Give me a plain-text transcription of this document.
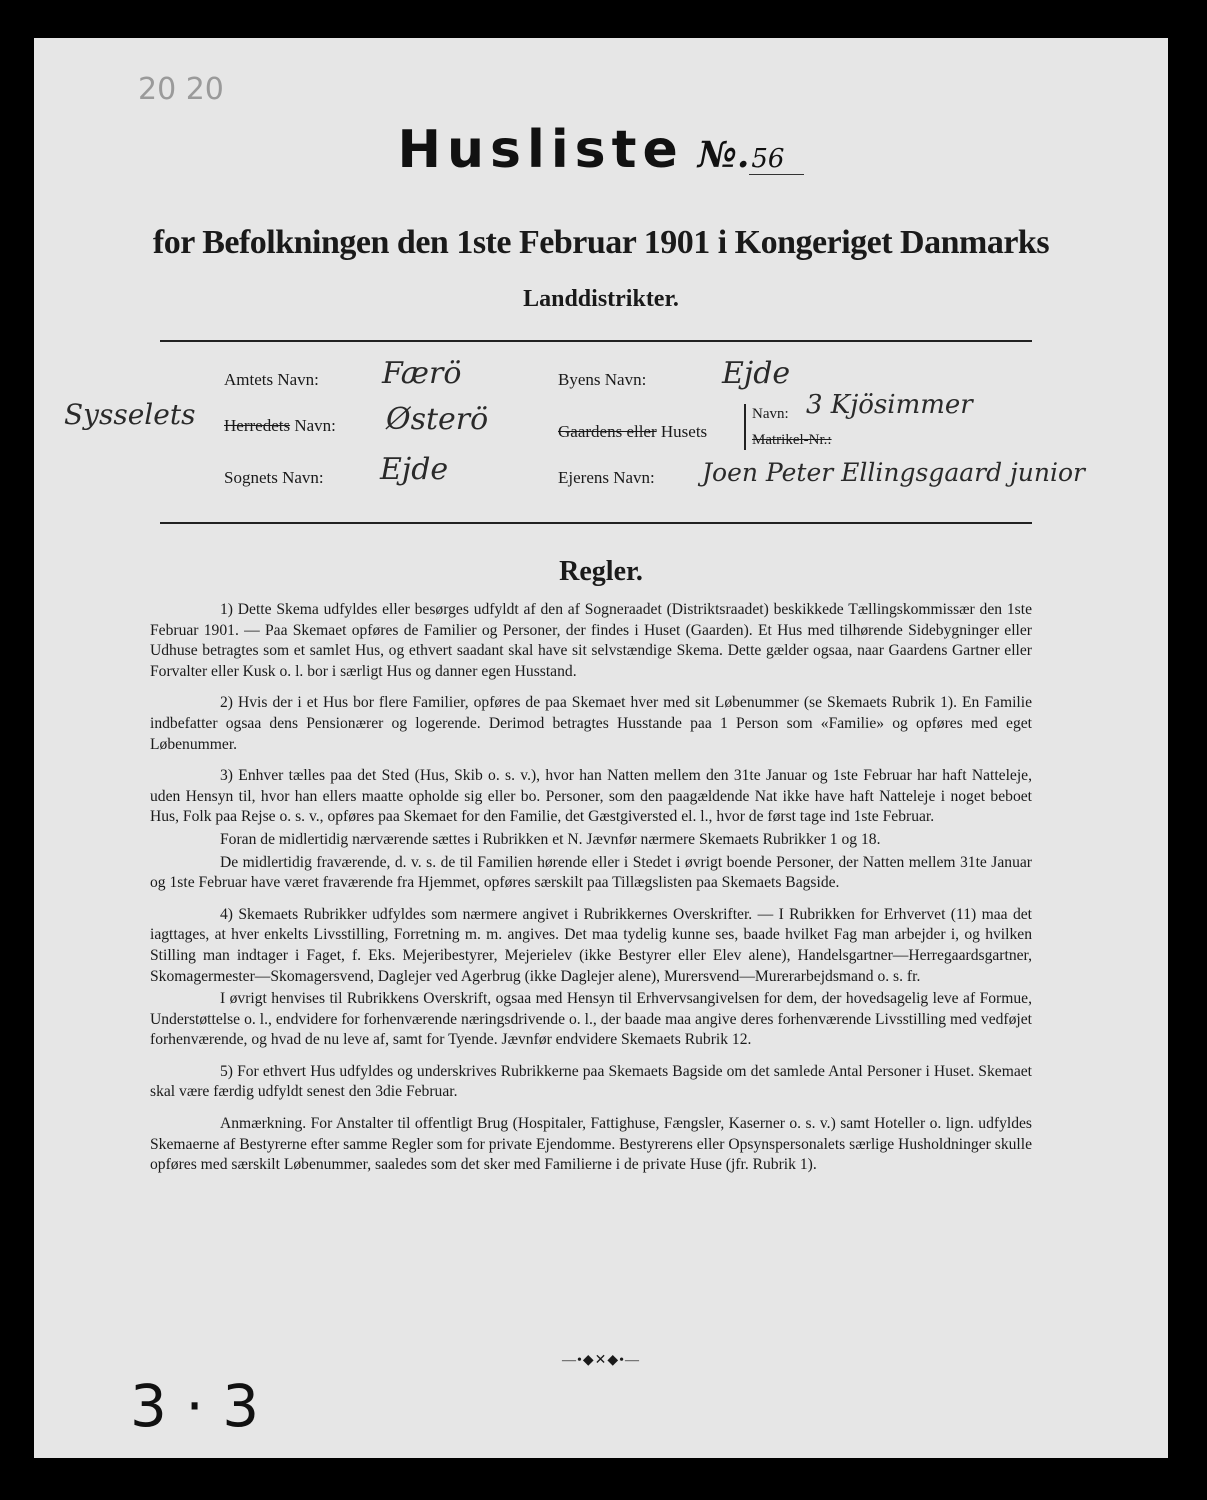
20 20
Husliste №.56
for Befolkningen den 1ste Februar 1901 i Kongeriget Danmarks
Landdistrikter.
Amtets Navn: Færö	Byens Navn:	Ejde
Sysselets Herredets Navn: Østerö	Gaardens eller Husets
Navn: 3 Kjösimmer
Matrikel-Nr.:
Sognets Navn: Ejde	Ejerens Navn: Joen Peter Ellingsgaard junior
Regler.

1) Dette Skema udfyldes eller besørges udfyldt af den af Sogneraadet (Distriktsraadet) beskikkede Tællingskommissær den 1ste Februar 1901. — Paa Skemaet opføres de Familier og Personer, der findes i Huset (Gaarden). Et Hus med tilhørende Sidebygninger eller Udhuse betragtes som et samlet Hus, og ethvert saadant skal have sit selvstændige Skema. Dette gælder ogsaa, naar Gaardens Gartner eller Forvalter eller Kusk o. l. bor i særligt Hus og danner egen Husstand.

2) Hvis der i et Hus bor flere Familier, opføres de paa Skemaet hver med sit Løbenummer (se Skemaets Rubrik 1). En Familie indbefatter ogsaa dens Pensionærer og logerende. Derimod betragtes Husstande paa 1 Person som «Familie» og opføres med eget Løbenummer.

3) Enhver tælles paa det Sted (Hus, Skib o. s. v.), hvor han Natten mellem den 31te Januar og 1ste Februar har haft Natteleje, uden Hensyn til, hvor han ellers maatte opholde sig eller bo. Personer, som den paagældende Nat ikke have haft Natteleje i noget beboet Hus, Folk paa Rejse o. s. v., opføres paa Skemaet for den Familie, det Gæstgiversted el. l., hvor de først tage ind 1ste Februar.

Foran de midlertidig nærværende sættes i Rubrikken et N. Jævnfør nærmere Skemaets Rubrikker 1 og 18.

De midlertidig fraværende, d. v. s. de til Familien hørende eller i Stedet i øvrigt boende Personer, der Natten mellem 31te Januar og 1ste Februar have været fraværende fra Hjemmet, opføres særskilt paa Tillægslisten paa Skemaets Bagside.

4) Skemaets Rubrikker udfyldes som nærmere angivet i Rubrikkernes Overskrifter. — I Rubrikken for Erhvervet (11) maa det iagttages, at hver enkelts Livsstilling, Forretning m. m. angives. Det maa tydelig kunne ses, baade hvilket Fag man arbejder i, og hvilken Stilling man indtager i Faget, f. Eks. Mejeribestyrer, Mejerielev (ikke Bestyrer eller Elev alene), Handelsgartner—Herregaardsgartner, Skomagermester—Skomagersvend, Daglejer ved Agerbrug (ikke Daglejer alene), Murersvend—Murerarbejdsmand o. s. fr.

I øvrigt henvises til Rubrikkens Overskrift, ogsaa med Hensyn til Erhvervsangivelsen for dem, der hovedsagelig leve af Formue, Understøttelse o. l., endvidere for forhenværende næringsdrivende o. l., der baade maa angive deres forhenværende Livsstilling med vedføjet forhenværende, og hvad de nu leve af, samt for Tyende. Jævnfør endvidere Skemaets Rubrik 12.

5) For ethvert Hus udfyldes og underskrives Rubrikkerne paa Skemaets Bagside om det samlede Antal Personer i Huset. Skemaet skal være færdig udfyldt senest den 3die Februar.

Anmærkning. For Anstalter til offentligt Brug (Hospitaler, Fattighuse, Fængsler, Kaserner o. s. v.) samt Hoteller o. lign. udfyldes Skemaerne af Bestyrerne efter samme Regler som for private Ejendomme. Bestyrerens eller Opsynspersonalets særlige Husholdninger skulle opføres med særskilt Løbenummer, saaledes som det sker med Familierne i de private Huse (jfr. Rubrik 1).

—•◆✕◆•—
3 · 3
